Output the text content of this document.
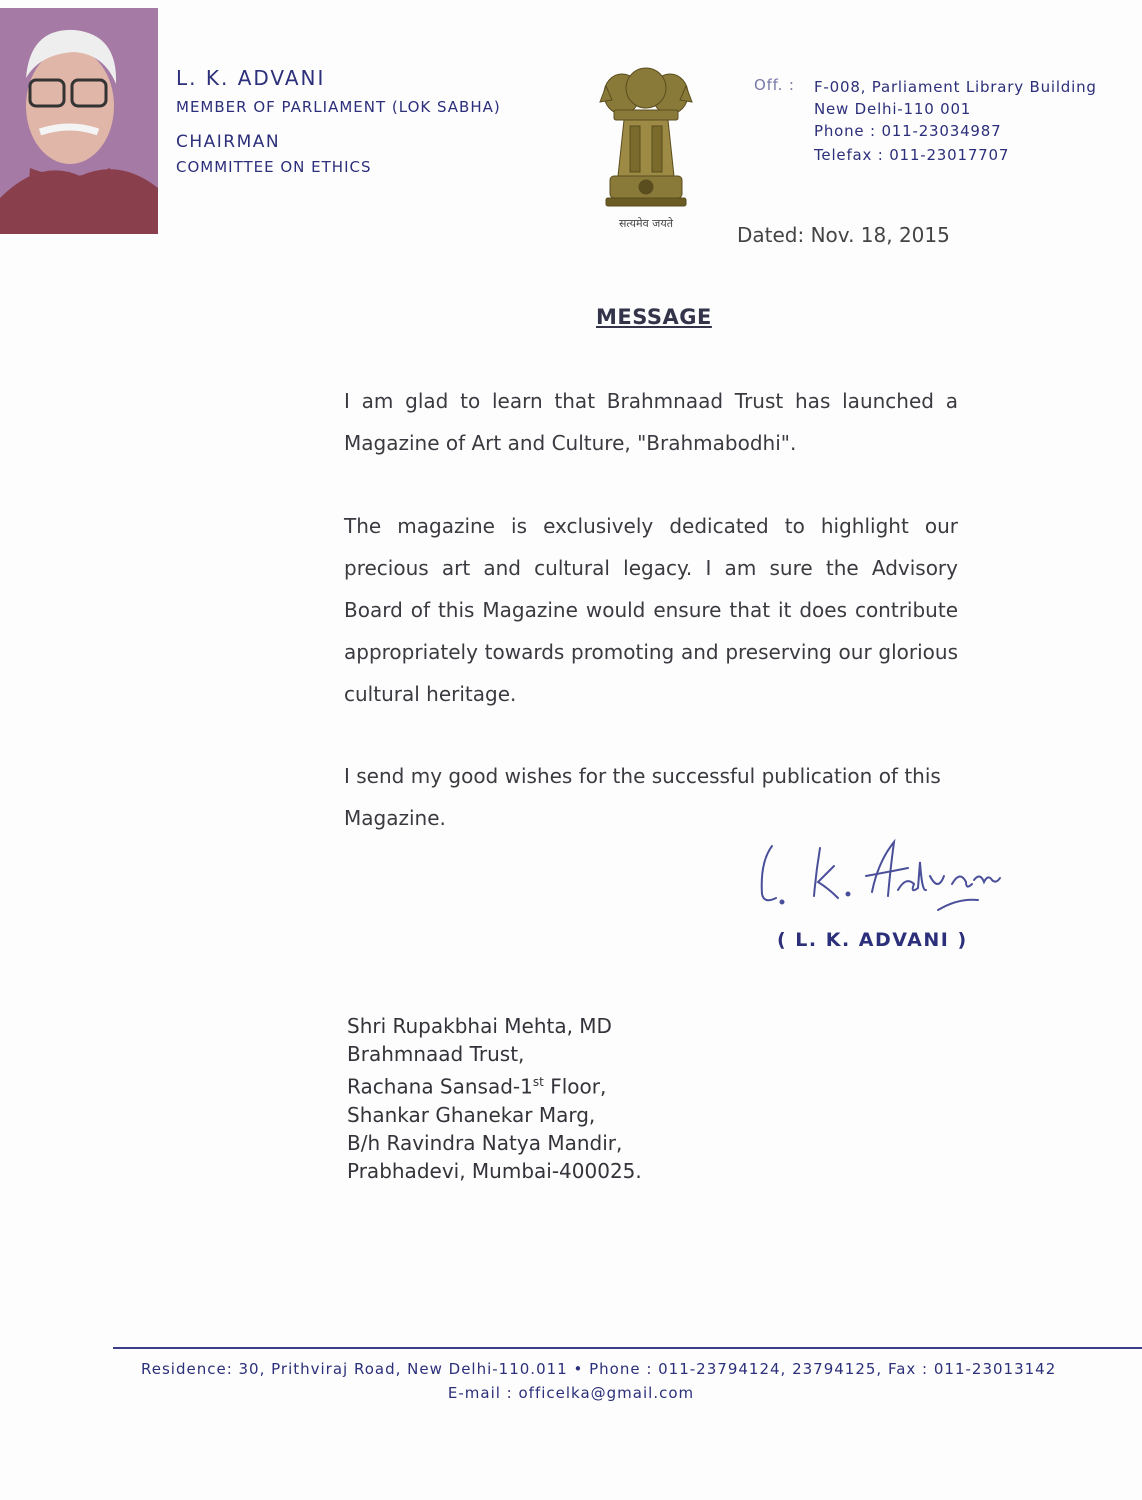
L. K. ADVANI
MEMBER OF PARLIAMENT (LOK SABHA)
CHAIRMAN
COMMITTEE ON ETHICS
सत्यमेव जयते
Off. : F-008, Parliament Library Building
New Delhi-110 001
Phone : 011-23034987
Telefax : 011-23017707
Dated: Nov. 18, 2015
MESSAGE
I am glad to learn that Brahmnaad Trust has launched a Magazine of Art and Culture, "Brahmabodhi".
The magazine is exclusively dedicated to highlight our precious art and cultural legacy. I am sure the Advisory Board of this Magazine would ensure that it does contribute appropriately towards promoting and preserving our glorious cultural heritage.
I send my good wishes for the successful publication of this Magazine.
( L. K. ADVANI )
Shri Rupakbhai Mehta, MD
Brahmnaad Trust,
Rachana Sansad-1st Floor,
Shankar Ghanekar Marg,
B/h Ravindra Natya Mandir,
Prabhadevi, Mumbai-400025.
Residence: 30, Prithviraj Road, New Delhi-110.011 • Phone : 011-23794124, 23794125, Fax : 011-23013142
E-mail : officelka@gmail.com
